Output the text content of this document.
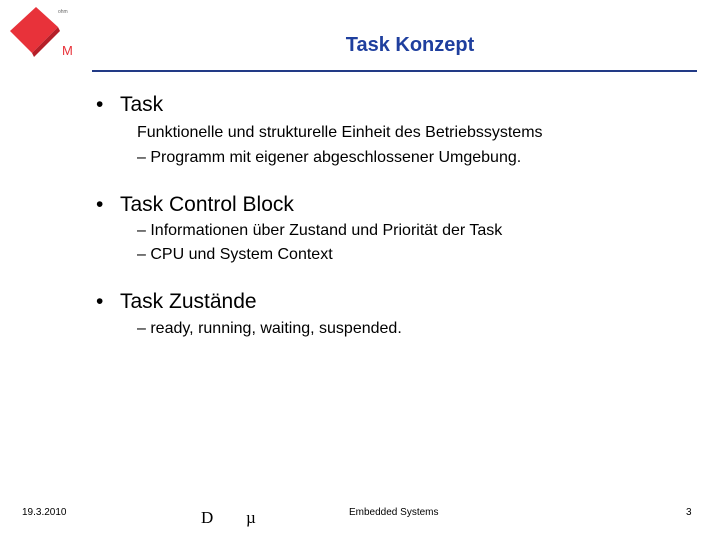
ohm
M	Task Konzept
• Task
Funktionelle und strukturelle Einheit des Betriebssystems
– Programm mit eigener abgeschlossener Umgebung.
• Task Control Block
– Informationen über Zustand und Priorität der Task
– CPU und System Context
• Task Zustände
– ready, running, waiting, suspended.
19.3.2010	D µ	Embedded Systems	3
